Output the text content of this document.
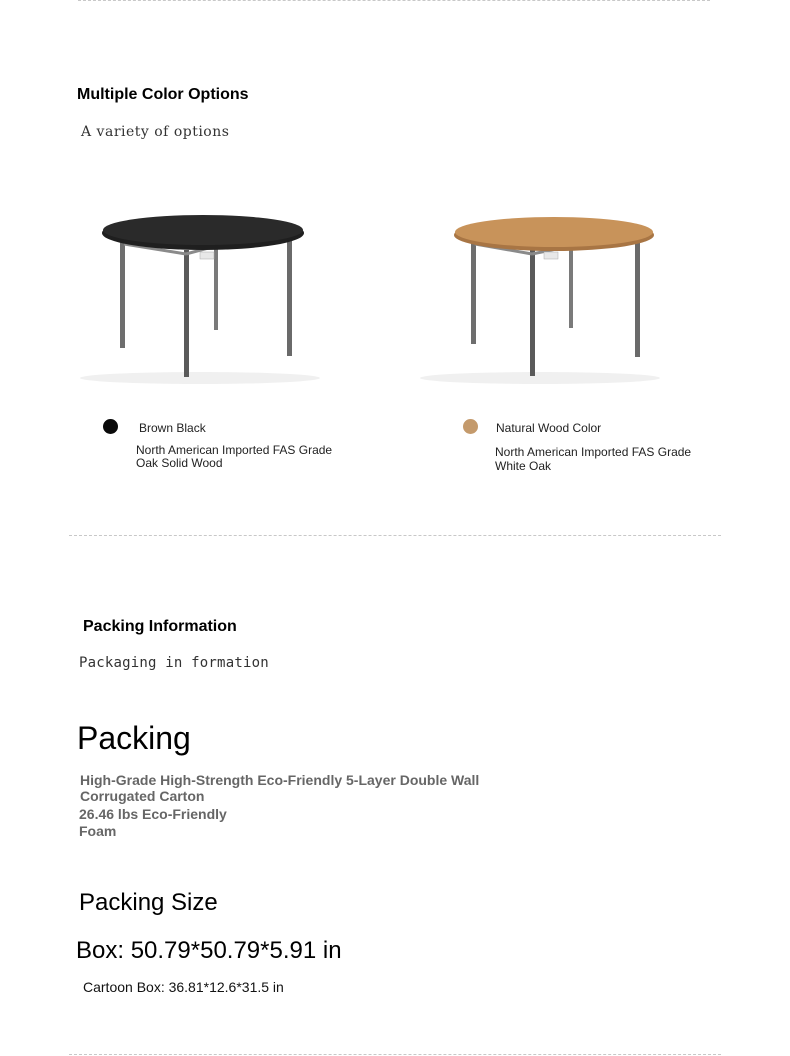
Multiple Color Options
A variety of options
Brown Black
North American Imported FAS Grade
Oak Solid Wood
Natural Wood Color
North American Imported FAS Grade
White Oak
Packing Information
Packaging in formation
Packing
High-Grade High-Strength Eco-Friendly 5-Layer Double Wall
Corrugated Carton
26.46 lbs Eco-Friendly
Foam
Packing Size
Box: 50.79*50.79*5.91 in
Cartoon Box: 36.81*12.6*31.5 in
